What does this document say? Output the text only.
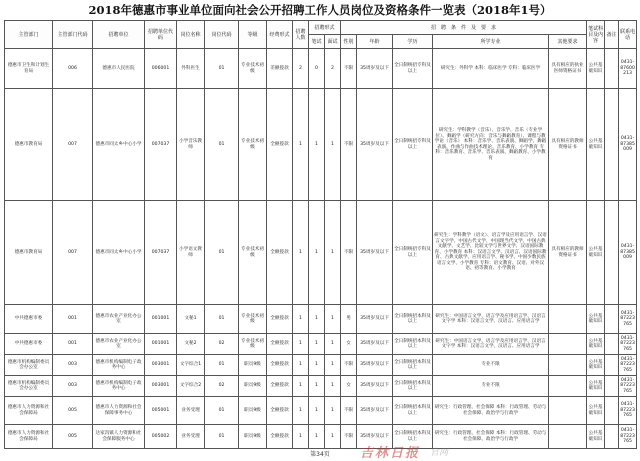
2018年德惠市事业单位面向社会公开招聘工作人员岗位及资格条件一览表（2018年1号）
主管部门	主管部门代码	招聘单位	招聘单位代码	岗位名称	岗位代码	等级	经费形式	招聘人数	招聘形式		招　聘　条　件　及　要　求					笔试科目及内容	备注	联系电话
									笔试	面试	性别	年龄	学历	所学专业	其他要求			
德惠市卫生和计划生育局	006	德惠市人民医院	006001	外科医生	01	专业技术初级	差额拨款	2	0	2	不限	35周岁及以下	全日制统招专科及以上	研究生：外科学 本科：临床医学 专科：临床医学	具有相应的执业医师资格证书	公共基础知识		0431-87600213
德惠市教育局	007	德惠市同太乡中心小学	007037	小学音乐教师	01	专业技术初级	全额拨款	1	1	1	不限	35周岁及以下	全日制统招专科及以上	研究生：学科教学（音乐）、音乐学、音乐（专业学位）、舞蹈学（研究方向：音乐与舞蹈教育）、课程与教学论（音乐） 本科：音乐学、音乐表演、舞蹈学、舞蹈表演、作曲与作曲技术理论、音乐教育、小学教育 专科：音乐教育、音乐学、音乐表演、舞蹈教育、小学教育	具有相应的教师资格证书	公共基础知识		0431-87385009
德惠市教育局	007	德惠市同太乡中心小学	007037	小学语文教师	01	专业技术初级	全额拨款	1	1	1	不限	35周岁及以下	全日制统招专科及以上	研究生：学科教学（语文）、语言学及应用语言学、汉语言文字学、中国古代文学、中国现当代文学、中国古典文献学、文艺学、比较文学与世界文学、汉语国际教育、小学教育 本科：汉语言文学、汉语言、汉语国际教育、古典文献学、应用语言学、秘书学、中国少数民族语言文学、小学教育 专科：语文教育、汉语、对外汉语、初等教育、小学教育	具有相应的教师资格证书	公共基础知识		0431-87385009
中共德惠市委	001	德惠市农业产业化办公室	001001	文秘1	01	专业技术初级	全额拨款	1	1	1	男	35周岁及以下	全日制统招本科及以上	研究生：中国语言文学、语言学及应用语言学、汉语言文字学 本科：汉语言文学、汉语言、应用语言学		公共基础知识		0431-87223765
中共德惠市委	001	德惠市农业产业化办公室	001001	文秘2	02	专业技术初级	全额拨款	1	1	1	女	35周岁及以下	全日制统招本科及以上	研究生：中国语言文学、语言学及应用语言学、汉语言文字学 本科：汉语言文学、汉语言、应用语言学		公共基础知识		0431-87223765
德惠市机构编制委员会办公室	003	德惠市机构编制电子政务中心	003001	文字综合1	01	职员9级	全额拨款	1	1	1	不限	35周岁及以下	全日制统招本科及以上	专业不限		公共基础知识		0431-87223765
德惠市机构编制委员会办公室	003	德惠市机构编制电子政务中心	003001	文字综合2	02	职员9级	全额拨款	1	1	1	女	35周岁及以下	全日制统招本科及以上	专业不限		公共基础知识		0431-87223765
德惠市人力资源和社会保障局	005	德惠市人力资源和社会保障事务中心	005001	业务受理	01	职员9级	全额拨款	1	1	1	不限	35周岁及以下	全日制统招本科及以上	研究生：行政管理、社会保障 本科：行政管理、劳动与社会保障、政治学与行政学		公共基础知识		0431-87223765
德惠市人力资源和社会保障局	005	达家沟镇人力资源和社会保障服务中心	005002	业务受理	01	职员9级	全额拨款	1	1	1	不限	35周岁及以下	全日制统招本科及以上	研究生：行政管理、社会保障 本科：行政管理、劳动与社会保障、政治学与行政学		公共基础知识		0431-87223765
吉林日报 官网
第34页
